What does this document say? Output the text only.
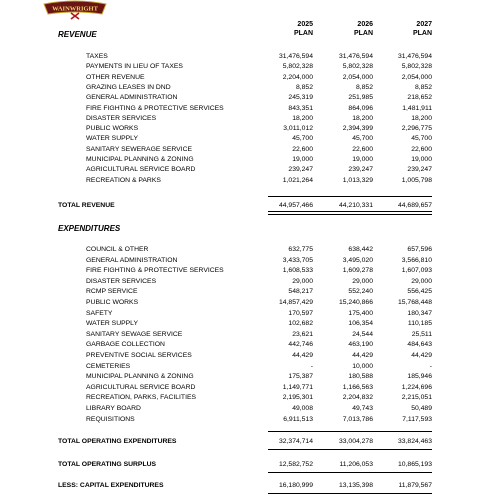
WAINWRIGHT
2025
PLAN
2026
PLAN
2027
PLAN
REVENUE
TAXES	31,476,594	31,476,594	31,476,594
PAYMENTS IN LIEU OF TAXES	5,802,328	5,802,328	5,802,328
OTHER REVENUE	2,204,000	2,054,000	2,054,000
GRAZING LEASES IN DND	8,852	8,852	8,852
GENERAL ADMINISTRATION	245,319	251,985	218,652
FIRE FIGHTING & PROTECTIVE SERVICES	843,351	864,096	1,481,911
DISASTER SERVICES	18,200	18,200	18,200
PUBLIC WORKS	3,011,012	2,394,399	2,296,775
WATER SUPPLY	45,700	45,700	45,700
SANITARY SEWERAGE SERVICE	22,600	22,600	22,600
MUNICIPAL PLANNING & ZONING	19,000	19,000	19,000
AGRICULTURAL SERVICE BOARD	239,247	239,247	239,247
RECREATION & PARKS	1,021,264	1,013,329	1,005,798
TOTAL REVENUE	44,957,466	44,210,331	44,689,657
EXPENDITURES
COUNCIL & OTHER	632,775	638,442	657,596
GENERAL ADMINISTRATION	3,433,705	3,495,020	3,566,810
FIRE FIGHTING & PROTECTIVE SERVICES	1,608,533	1,609,278	1,607,093
DISASTER SERVICES	29,000	29,000	29,000
RCMP SERVICE	548,217	552,240	556,425
PUBLIC WORKS	14,857,429	15,240,866	15,768,448
SAFETY	170,597	175,400	180,347
WATER SUPPLY	102,682	106,354	110,185
SANITARY SEWAGE SERVICE	23,621	24,544	25,511
GARBAGE COLLECTION	442,746	463,190	484,643
PREVENTIVE SOCIAL SERVICES	44,429	44,429	44,429
CEMETERIES	-	10,000	-
MUNICIPAL PLANNING & ZONING	175,387	180,588	185,946
AGRICULTURAL SERVICE BOARD	1,149,771	1,166,563	1,224,696
RECREATION, PARKS, FACILITIES	2,195,301	2,204,832	2,215,051
LIBRARY BOARD	49,008	49,743	50,489
REQUISITIONS	6,911,513	7,013,786	7,117,593
TOTAL OPERATING EXPENDITURES	32,374,714	33,004,278	33,824,463
TOTAL OPERATING SURPLUS	12,582,752	11,206,053	10,865,193
LESS: CAPITAL EXPENDITURES	16,180,999	13,135,398	11,879,567
